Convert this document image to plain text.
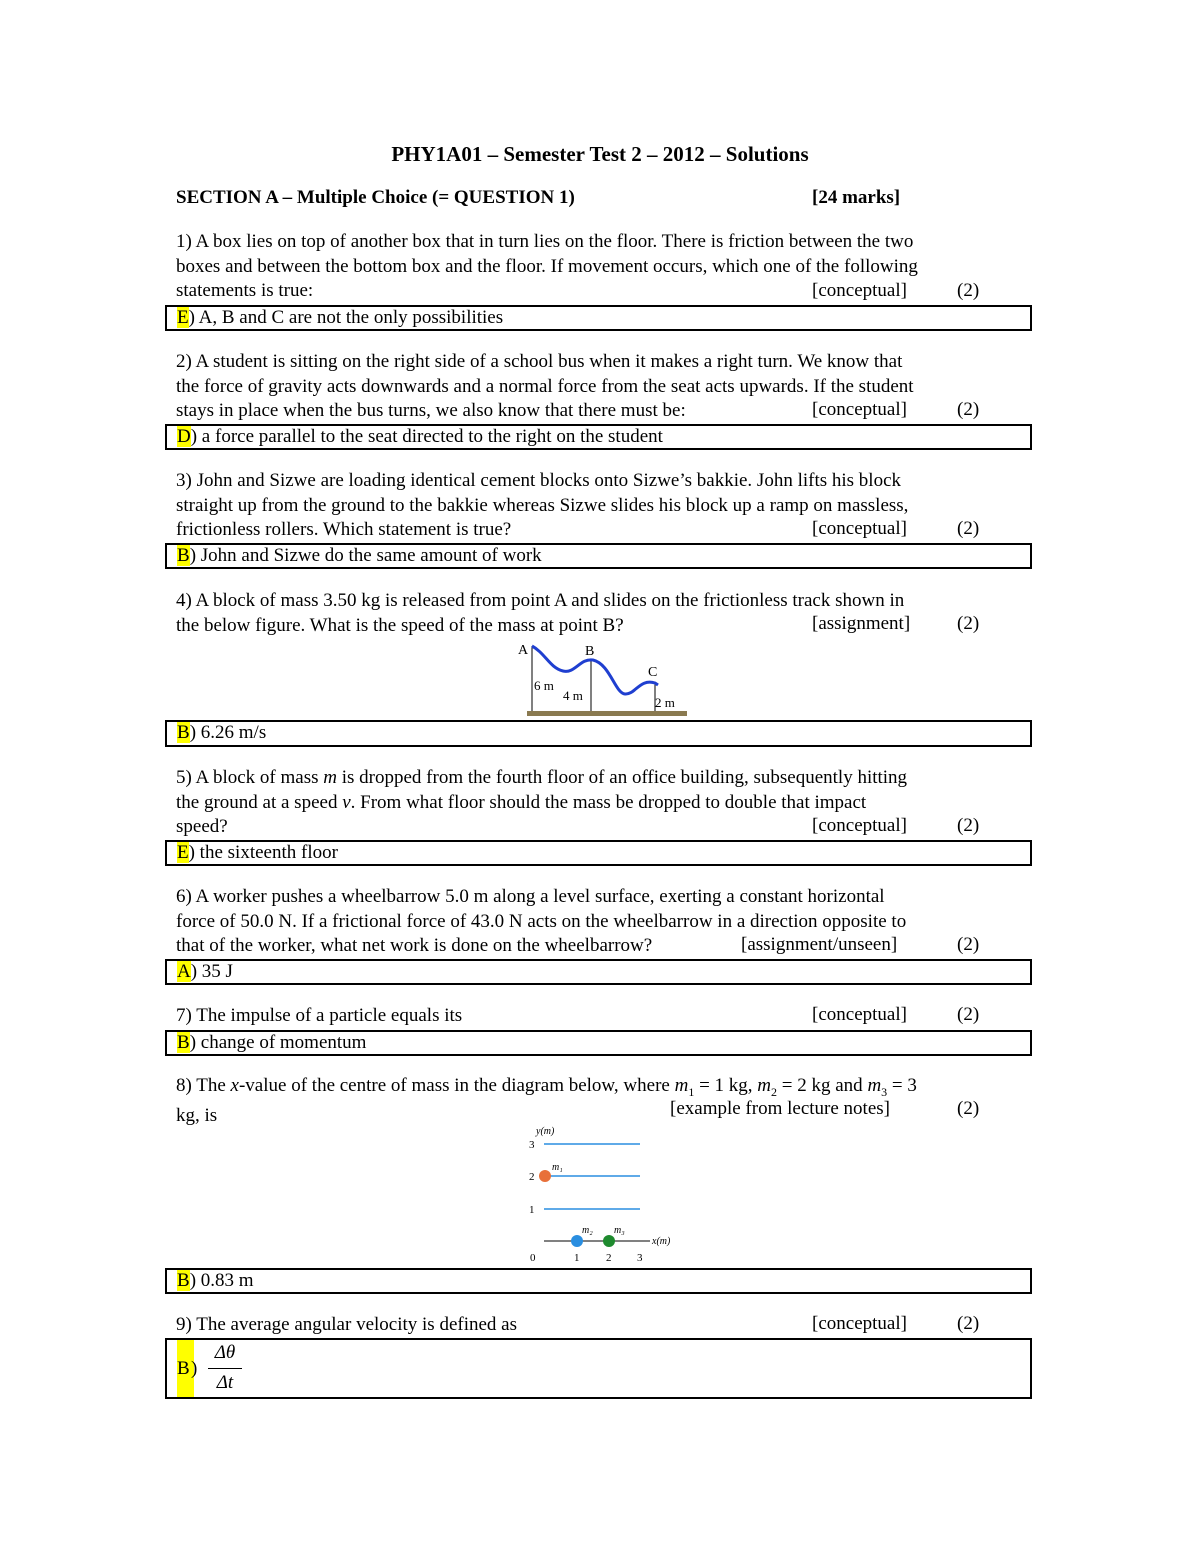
PHY1A01 – Semester Test 2 – 2012 – Solutions
SECTION A – Multiple Choice (= QUESTION 1)	[24 marks]
1) A box lies on top of another box that in turn lies on the floor. There is friction between the two
boxes and between the bottom box and the floor. If movement occurs, which one of the following
statements is true:	[conceptual]	(2)
E) A, B and C are not the only possibilities
2) A student is sitting on the right side of a school bus when it makes a right turn. We know that
the force of gravity acts downwards and a normal force from the seat acts upwards. If the student
stays in place when the bus turns, we also know that there must be:	[conceptual]	(2)
D) a force parallel to the seat directed to the right on the student
3) John and Sizwe are loading identical cement blocks onto Sizwe’s bakkie. John lifts his block
straight up from the ground to the bakkie whereas Sizwe slides his block up a ramp on massless,
frictionless rollers. Which statement is true?	[conceptual]	(2)
B) John and Sizwe do the same amount of work
4) A block of mass 3.50 kg is released from point A and slides on the frictionless track shown in
the below figure. What is the speed of the mass at point B?	[assignment] (2)
A	B
C
6 m
4 m	2 m
B) 6.26 m/s
5) A block of mass m is dropped from the fourth floor of an office building, subsequently hitting
the ground at a speed v. From what floor should the mass be dropped to double that impact
speed?	[conceptual]	(2)
E) the sixteenth floor
6) A worker pushes a wheelbarrow 5.0 m along a level surface, exerting a constant horizontal
force of 50.0 N. If a frictional force of 43.0 N acts on the wheelbarrow in a direction opposite to
that of the worker, what net work is done on the wheelbarrow?	[assignment/unseen]	(2)
A) 35 J
7) The impulse of a particle equals its	[conceptual]	(2)
B) change of momentum
8) The x-value of the centre of mass in the diagram below, where $m_1 = 1$ kg, $m_2 = 2$ kg and $m_3 = 3$
kg, is	[example from lecture notes]	(2)
y(m)
3
2
1
x(m)
0	1 2 3
m₁
m₂ m₃
B) 0.83 m
9) The average angular velocity is defined as	[conceptual]	(2)
B )
Δθ
Δt
